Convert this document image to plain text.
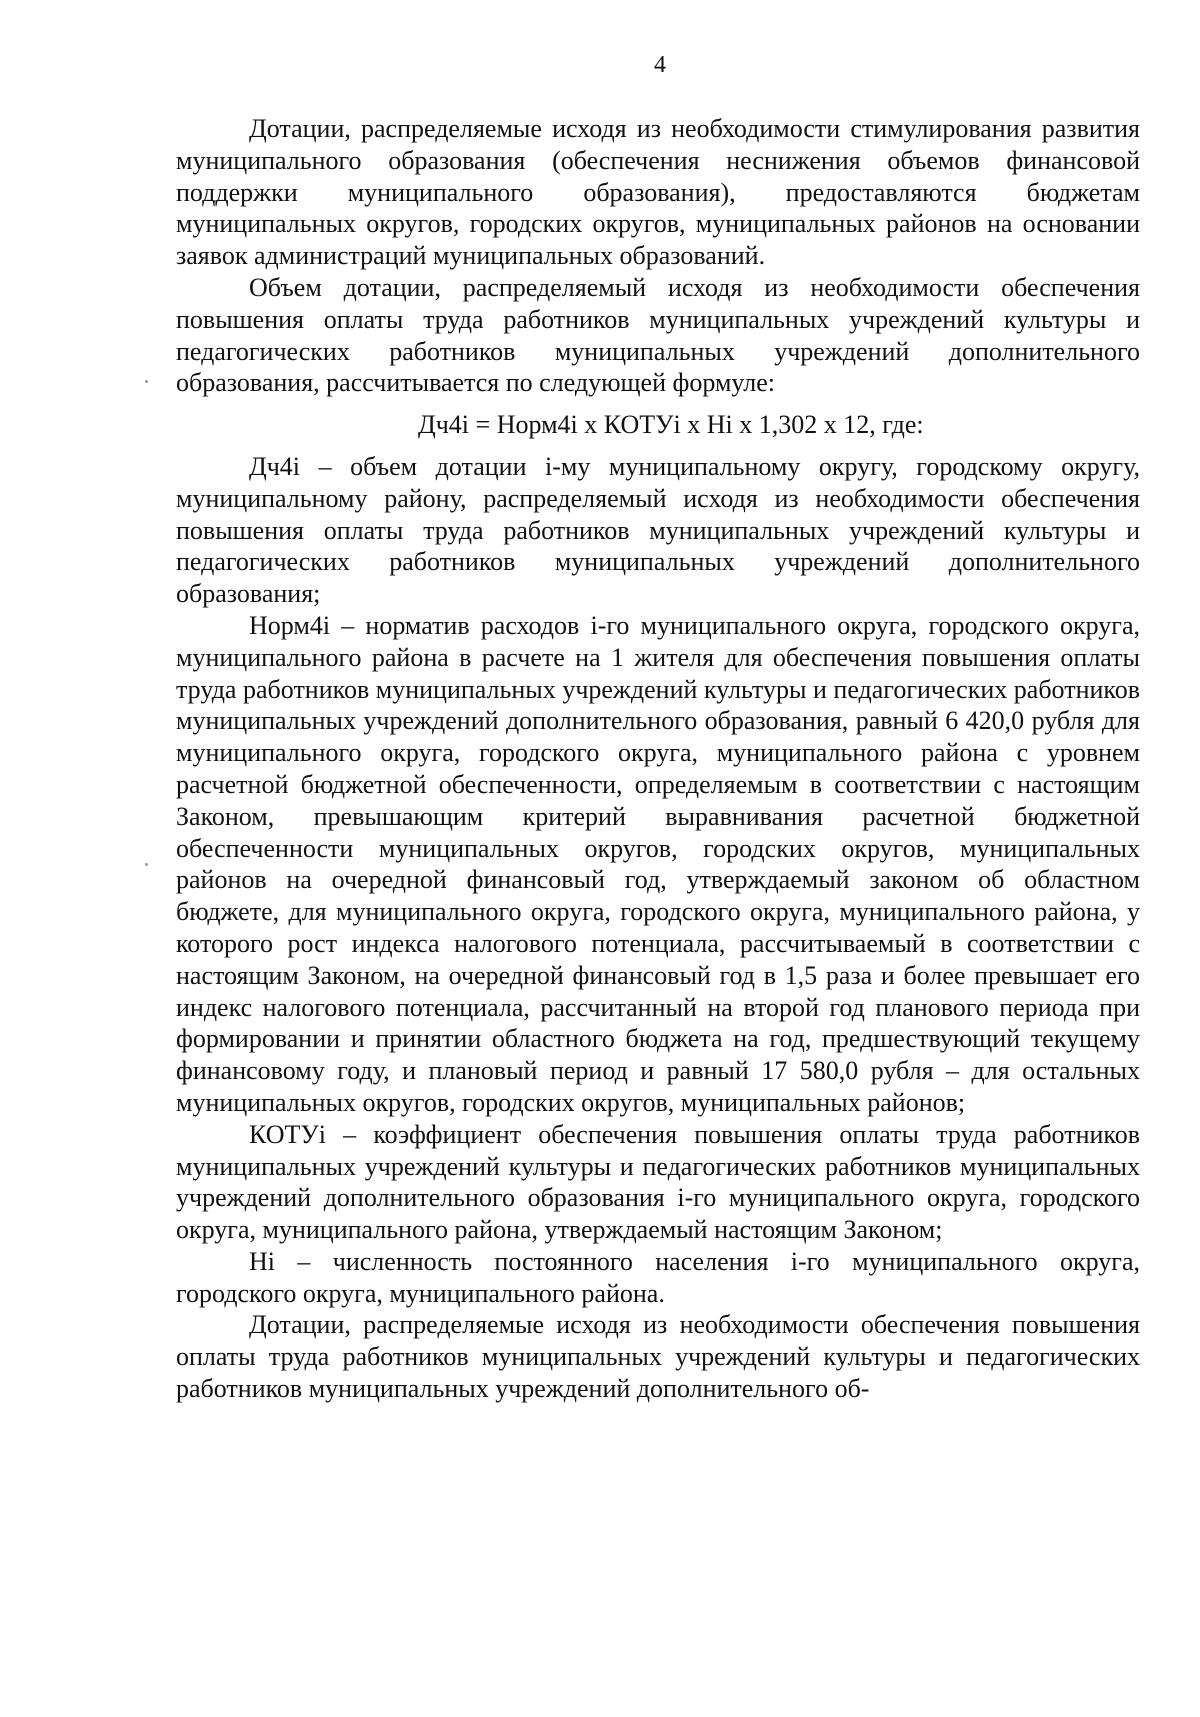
4

Дотации, распределяемые исходя из необходимости стимулирования развития муниципального образования (обеспечения неснижения объемов финансовой поддержки муниципального образования), предоставляются бюджетам муниципальных округов, городских округов, муниципальных районов на основании заявок администраций муниципальных образований.

Объем дотации, распределяемый исходя из необходимости обеспечения повышения оплаты труда работников муниципальных учреждений культуры и педагогических работников муниципальных учреждений дополнительного образования, рассчитывается по следующей формуле:

Дч4i = Норм4i х КОТУi х Hi х 1,302 х 12, где:

Дч4i – объем дотации i-му муниципальному округу, городскому округу, муниципальному району, распределяемый исходя из необходимости обеспечения повышения оплаты труда работников муниципальных учреждений культуры и педагогических работников муниципальных учреждений дополнительного образования;

Норм4i – норматив расходов i-го муниципального округа, городского округа, муниципального района в расчете на 1 жителя для обеспечения повышения оплаты труда работников муниципальных учреждений культуры и педагогических работников муниципальных учреждений дополнительного образования, равный 6 420,0 рубля для муниципального округа, городского округа, муниципального района с уровнем расчетной бюджетной обеспеченности, определяемым в соответствии с настоящим Законом, превышающим критерий выравнивания расчетной бюджетной обеспеченности муниципальных округов, городских округов, муниципальных районов на очередной финансовый год, утверждаемый законом об областном бюджете, для муниципального округа, городского округа, муниципального района, у которого рост индекса налогового потенциала, рассчитываемый в соответствии с настоящим Законом, на очередной финансовый год в 1,5 раза и более превышает его индекс налогового потенциала, рассчитанный на второй год планового периода при формировании и принятии областного бюджета на год, предшествующий текущему финансовому году, и плановый период и равный 17 580,0 рубля – для остальных муниципальных округов, городских округов, муниципальных районов;

КОТУi – коэффициент обеспечения повышения оплаты труда работников муниципальных учреждений культуры и педагогических работников муниципальных учреждений дополнительного образования i-го муниципального округа, городского округа, муниципального района, утверждаемый настоящим Законом;

Hi – численность постоянного населения i-го муниципального округа, городского округа, муниципального района.

Дотации, распределяемые исходя из необходимости обеспечения повышения оплаты труда работников муниципальных учреждений культуры и педагогических работников муниципальных учреждений дополнительного об-
